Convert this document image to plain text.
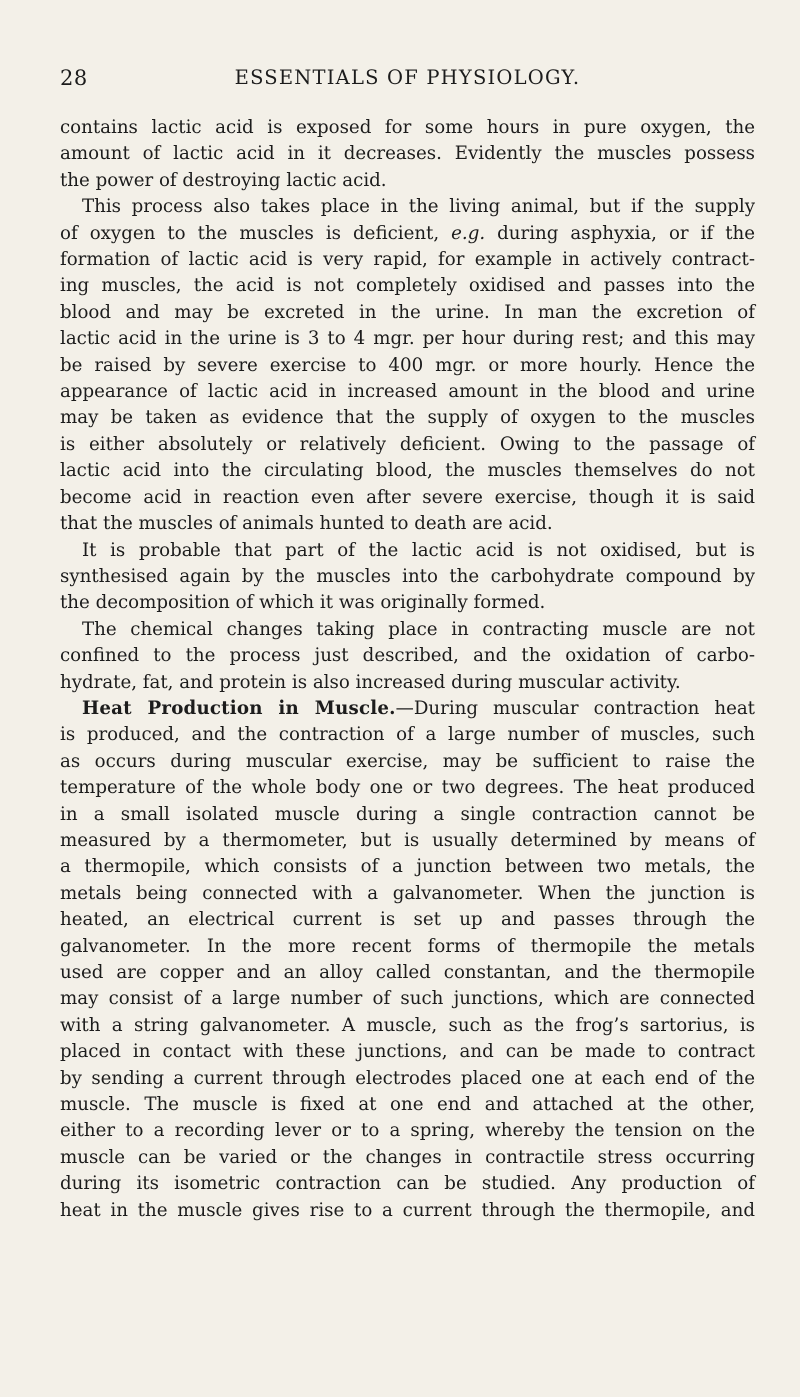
28	ESSENTIALS OF PHYSIOLOGY.
contains lactic acid is exposed for some hours in pure oxygen, the
amount of lactic acid in it decreases. Evidently the muscles possess
the power of destroying lactic acid.
This process also takes place in the living animal, but if the supply
of oxygen to the muscles is deficient, e.g. during asphyxia, or if the
formation of lactic acid is very rapid, for example in actively contract-
ing muscles, the acid is not completely oxidised and passes into the
blood and may be excreted in the urine. In man the excretion of
lactic acid in the urine is 3 to 4 mgr. per hour during rest; and this may
be raised by severe exercise to 400 mgr. or more hourly. Hence the
appearance of lactic acid in increased amount in the blood and urine
may be taken as evidence that the supply of oxygen to the muscles
is either absolutely or relatively deficient. Owing to the passage of
lactic acid into the circulating blood, the muscles themselves do not
become acid in reaction even after severe exercise, though it is said
that the muscles of animals hunted to death are acid.
It is probable that part of the lactic acid is not oxidised, but is
synthesised again by the muscles into the carbohydrate compound by
the decomposition of which it was originally formed.
The chemical changes taking place in contracting muscle are not
confined to the process just described, and the oxidation of carbo-
hydrate, fat, and protein is also increased during muscular activity.
Heat Production in Muscle.—During muscular contraction heat
is produced, and the contraction of a large number of muscles, such
as occurs during muscular exercise, may be sufficient to raise the
temperature of the whole body one or two degrees. The heat produced
in a small isolated muscle during a single contraction cannot be
measured by a thermometer, but is usually determined by means of
a thermopile, which consists of a junction between two metals, the
metals being connected with a galvanometer. When the junction is
heated, an electrical current is set up and passes through the
galvanometer. In the more recent forms of thermopile the metals
used are copper and an alloy called constantan, and the thermopile
may consist of a large number of such junctions, which are connected
with a string galvanometer. A muscle, such as the frog’s sartorius, is
placed in contact with these junctions, and can be made to contract
by sending a current through electrodes placed one at each end of the
muscle. The muscle is fixed at one end and attached at the other,
either to a recording lever or to a spring, whereby the tension on the
muscle can be varied or the changes in contractile stress occurring
during its isometric contraction can be studied. Any production of
heat in the muscle gives rise to a current through the thermopile, and
